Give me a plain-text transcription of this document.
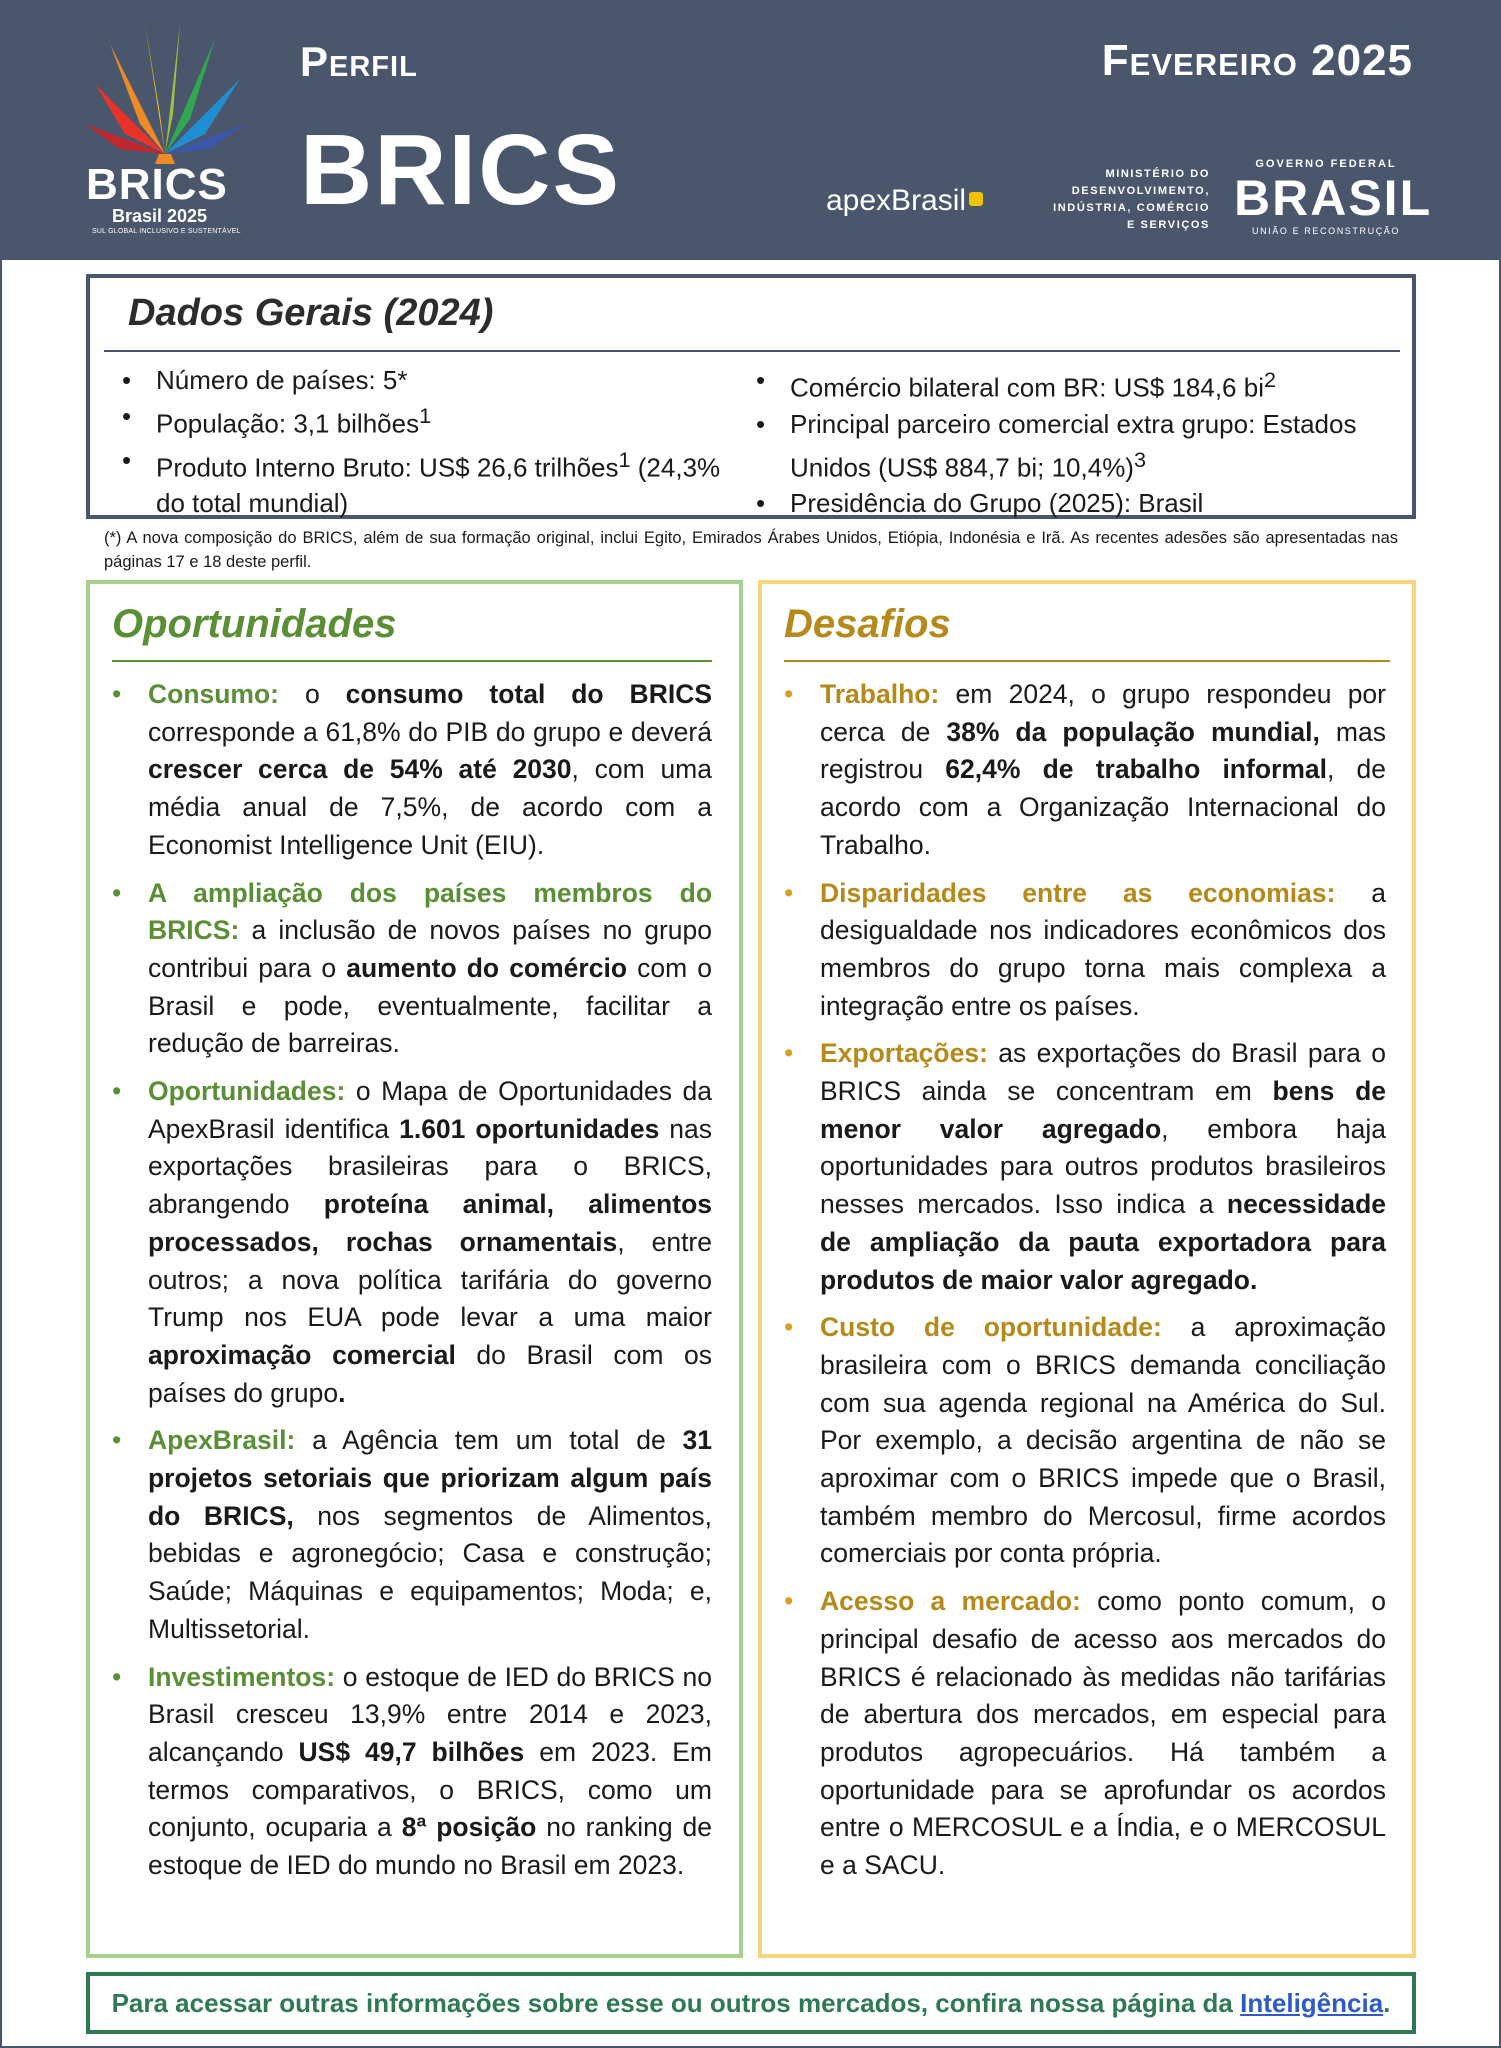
BRICS
Brasil 2025
SUL GLOBAL INCLUSIVO E SUSTENTÁVEL
Perfil
BRICS
Fevereiro 2025
apexBrasil
MINISTÉRIO DO
DESENVOLVIMENTO,
INDÚSTRIA, COMÉRCIO
E SERVIÇOS
GOVERNO FEDERAL
BRASIL
UNIÃO E RECONSTRUÇÃO
Dados Gerais (2024)
• Número de países: 5*
• População: 3,1 bilhões$^1$
• Produto Interno Bruto: US$ 26,6 trilhões$^1$ (24,3% do total mundial)
• Comércio bilateral com BR: US$ 184,6 $bi^2$
• Principal parceiro comercial extra grupo: Estados Unidos (US$ 884,7 bi; 10,4%)$^3$
• Presidência do Grupo (2025): Brasil
(*) A nova composição do BRICS, além de sua formação original, inclui Egito, Emirados Árabes Unidos, Etiópia, Indonésia e Irã. As recentes adesões são apresentadas nas páginas 17 e 18 deste perfil.
Oportunidades
• Consumo: o consumo total do BRICS corresponde a 61,8% do PIB do grupo e deverá crescer cerca de 54% até 2030, com uma média anual de 7,5%, de acordo com a Economist Intelligence Unit (EIU).
• A ampliação dos países membros do BRICS: a inclusão de novos países no grupo contribui para o aumento do comércio com o Brasil e pode, eventualmente, facilitar a redução de barreiras.
• Oportunidades: o Mapa de Oportunidades da ApexBrasil identifica 1.601 oportunidades nas exportações brasileiras para o BRICS, abrangendo proteína animal, alimentos processados, rochas ornamentais, entre outros; a nova política tarifária do governo Trump nos EUA pode levar a uma maior aproximação comercial do Brasil com os países do grupo.
• ApexBrasil: a Agência tem um total de 31 projetos setoriais que priorizam algum país do BRICS, nos segmentos de Alimentos, bebidas e agronegócio; Casa e construção; Saúde; Máquinas e equipamentos; Moda; e, Multissetorial.
• Investimentos: o estoque de IED do BRICS no Brasil cresceu 13,9% entre 2014 e 2023, alcançando US$ 49,7 bilhões em 2023. Em termos comparativos, o BRICS, como um conjunto, ocuparia a 8ª posição no ranking de estoque de IED do mundo no Brasil em 2023.
Desafios
• Trabalho: em 2024, o grupo respondeu por cerca de 38% da população mundial, mas registrou 62,4% de trabalho informal, de acordo com a Organização Internacional do Trabalho.
• Disparidades entre as economias: a desigualdade nos indicadores econômicos dos membros do grupo torna mais complexa a integração entre os países.
• Exportações: as exportações do Brasil para o BRICS ainda se concentram em bens de menor valor agregado, embora haja oportunidades para outros produtos brasileiros nesses mercados. Isso indica a necessidade de ampliação da pauta exportadora para produtos de maior valor agregado.
• Custo de oportunidade: a aproximação brasileira com o BRICS demanda conciliação com sua agenda regional na América do Sul. Por exemplo, a decisão argentina de não se aproximar com o BRICS impede que o Brasil, também membro do Mercosul, firme acordos comerciais por conta própria.
• Acesso a mercado: como ponto comum, o principal desafio de acesso aos mercados do BRICS é relacionado às medidas não tarifárias de abertura dos mercados, em especial para produtos agropecuários. Há também a oportunidade para se aprofundar os acordos entre o MERCOSUL e a Índia, e o MERCOSUL e a SACU.
Para acessar outras informações sobre esse ou outros mercados, confira nossa página da Inteligência.
